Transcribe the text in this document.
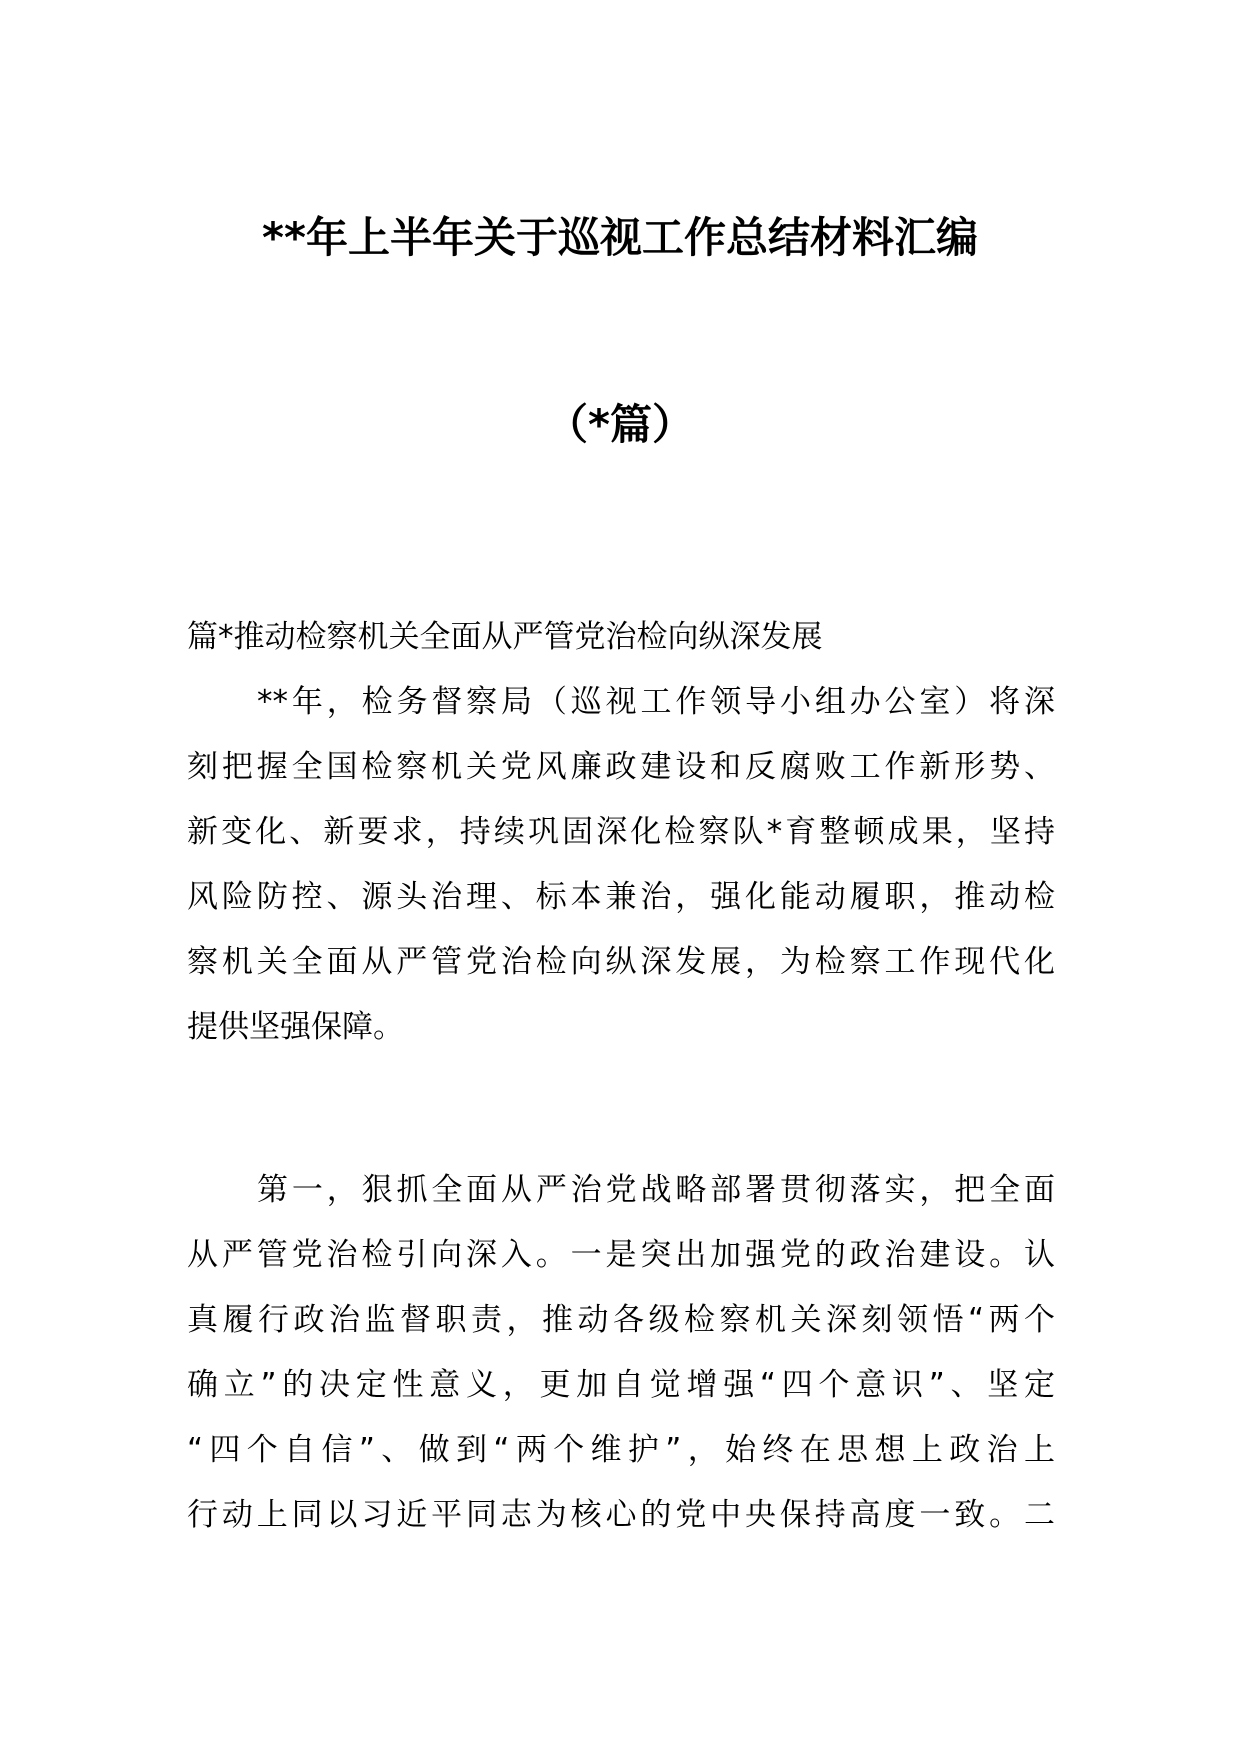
**年上半年关于巡视工作总结材料汇编
（*篇）
篇*推动检察机关全面从严管党治检向纵深发展
**年，检务督察局（巡视工作领导小组办公室）将深
刻把握全国检察机关党风廉政建设和反腐败工作新形势、
新变化、新要求，持续巩固深化检察队*育整顿成果，坚持
风险防控、源头治理、标本兼治，强化能动履职，推动检
察机关全面从严管党治检向纵深发展，为检察工作现代化
提供坚强保障。
第一，狠抓全面从严治党战略部署贯彻落实，把全面
从严管党治检引向深入。一是突出加强党的政治建设。认
真履行政治监督职责，推动各级检察机关深刻领悟“两个
确立”的决定性意义，更加自觉增强“四个意识”、坚定
“四个自信”、做到“两个维护”，始终在思想上政治上
行动上同以习近平同志为核心的党中央保持高度一致。二
